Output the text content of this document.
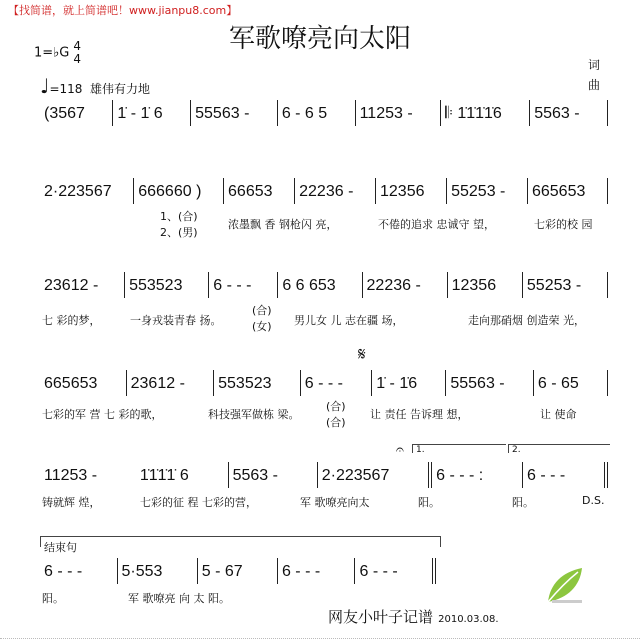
【找简谱，就上简谱吧！www.jianpu8.com】
军歌嘹亮向太阳
1=♭G 4
4
♩=118 雄伟有力地
词
曲
(3567	1̇ - 1̇ 6	55563 -	6 - 6 5	11253 -	𝄆 1̇1̇1̇1̇6	5563 -
2·223567	666660 )	66653	22236 -	12356	55253 -	665653
1、(合)
2、(男)
浓墨飘 香 钢枪闪 亮，	不倦的追求 忠诚守 望，	七彩的校 园
23612 -	553523	6 - - -	6 6 653	22236 -	12356	55253 -
七 彩的梦，	一身戎装青春 扬。
(合)
(女) 男儿女 儿 志在疆 场，	走向那硝烟 创造荣 光，
𝄋
665653	23612 -	553523	6 - - -	1̇ - 1̇6	55563 -	6 - 65
七彩的军 营 七 彩的歌，	科技强军做栋 梁。
(合)
(合)
让 责任 告诉理 想，	让 使命
𝄐	1.	2.
11253 -	1̇1̇1̇1̇ 6	5563 -	2·223567	6 - - - :	6 - - -
铸就辉 煌，	七彩的征 程 七彩的营，	军 歌嘹亮向太	阳。	阳。	D.S.
结束句
6 - - -	5·553	5 - 67	6 - - -	6 - - -
阳。	军 歌嘹亮 向 太 阳。
网友小叶子记谱 2010.03.08.
